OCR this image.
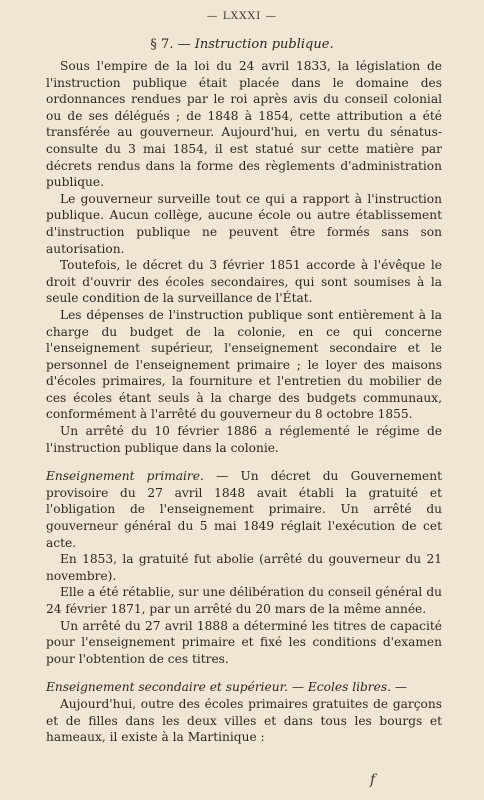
— LXXXI —
§ 7. — Instruction publique.

Sous l'empire de la loi du 24 avril 1833, la législation de l'instruction publique était placée dans le domaine des ordonnances rendues par le roi après avis du conseil colonial ou de ses délégués ; de 1848 à 1854, cette attribution a été transférée au gouverneur. Aujourd'hui, en vertu du sénatus-consulte du 3 mai 1854, il est statué sur cette matière par décrets rendus dans la forme des règlements d'administration publique.

Le gouverneur surveille tout ce qui a rapport à l'instruction publique. Aucun collège, aucune école ou autre établissement d'instruction publique ne peuvent être formés sans son autorisation.

Toutefois, le décret du 3 février 1851 accorde à l'évêque le droit d'ouvrir des écoles secondaires, qui sont soumises à la seule condition de la surveillance de l'État.

Les dépenses de l'instruction publique sont entièrement à la charge du budget de la colonie, en ce qui concerne l'enseignement supérieur, l'enseignement secondaire et le personnel de l'enseignement primaire ; le loyer des maisons d'écoles primaires, la fourniture et l'entretien du mobilier de ces écoles étant seuls à la charge des budgets communaux, conformément à l'arrêté du gouverneur du 8 octobre 1855.

Un arrêté du 10 février 1886 a réglementé le régime de l'instruction publique dans la colonie.

Enseignement primaire. — Un décret du Gouvernement provisoire du 27 avril 1848 avait établi la gratuité et l'obligation de l'enseignement primaire. Un arrêté du gouverneur général du 5 mai 1849 réglait l'exécution de cet acte.

En 1853, la gratuité fut abolie (arrêté du gouverneur du 21 novembre).

Elle a été rétablie, sur une délibération du conseil général du 24 février 1871, par un arrêté du 20 mars de la même année.

Un arrêté du 27 avril 1888 a déterminé les titres de capacité pour l'enseignement primaire et fixé les conditions d'examen pour l'obtention de ces titres.

Enseignement secondaire et supérieur. — Ecoles libres. —

Aujourd'hui, outre des écoles primaires gratuites de garçons et de filles dans les deux villes et dans tous les bourgs et hameaux, il existe à la Martinique :

f
